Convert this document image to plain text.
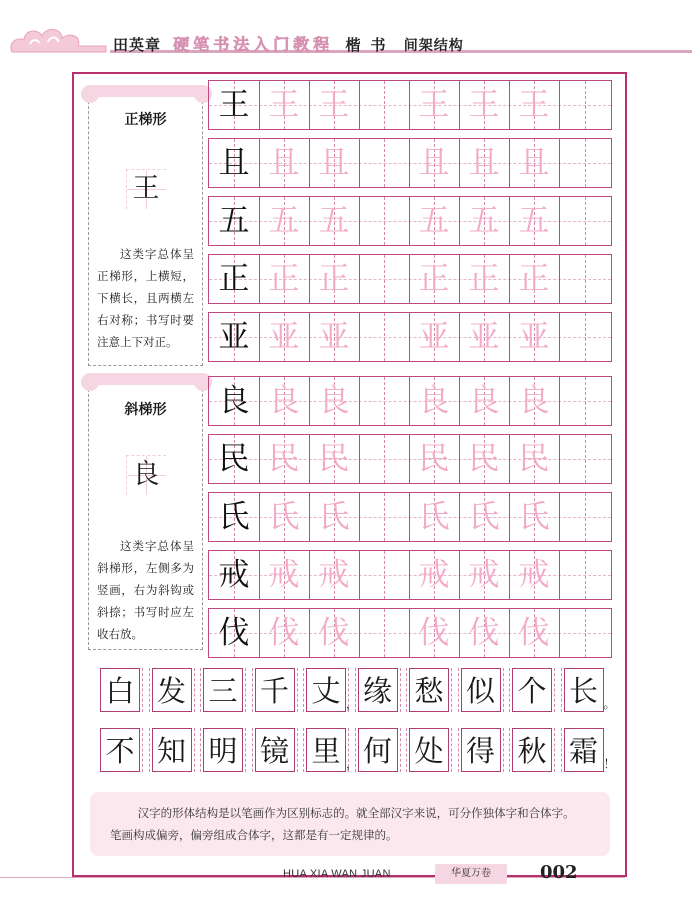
田英章 硬笔书法入门教程 楷书 间架结构
正梯形
王
这类字总体呈正梯形，上横短，下横长，且两横左右对称；书写时要注意上下对正。
斜梯形
良
这类字总体呈斜梯形，左侧多为竖画，右为斜钩或斜捺；书写时应左收右放。
王 王 王	王 王 王
且 且 且	且 且 且
五 五 五	五 五 五
正 正 正	正 正 正
亚 亚 亚	亚 亚 亚
良 良 良	良 良 良
民 民 民	民 民 民
氏 氏 氏	氏 氏 氏
戒 戒 戒	戒 戒 戒
伐 伐 伐	伐 伐 伐
白 发 三 千 丈 缘 愁 似 个 长
，	。
不 知 明 镜 里 何 处 得 秋 霜
，	！
汉字的形体结构是以笔画作为区别标志的。就全部汉字来说，可分作独体字和合体字。笔画构成偏旁，偏旁组成合体字，这都是有一定规律的。
HUA XIA WAN JUAN	华夏万卷	002
